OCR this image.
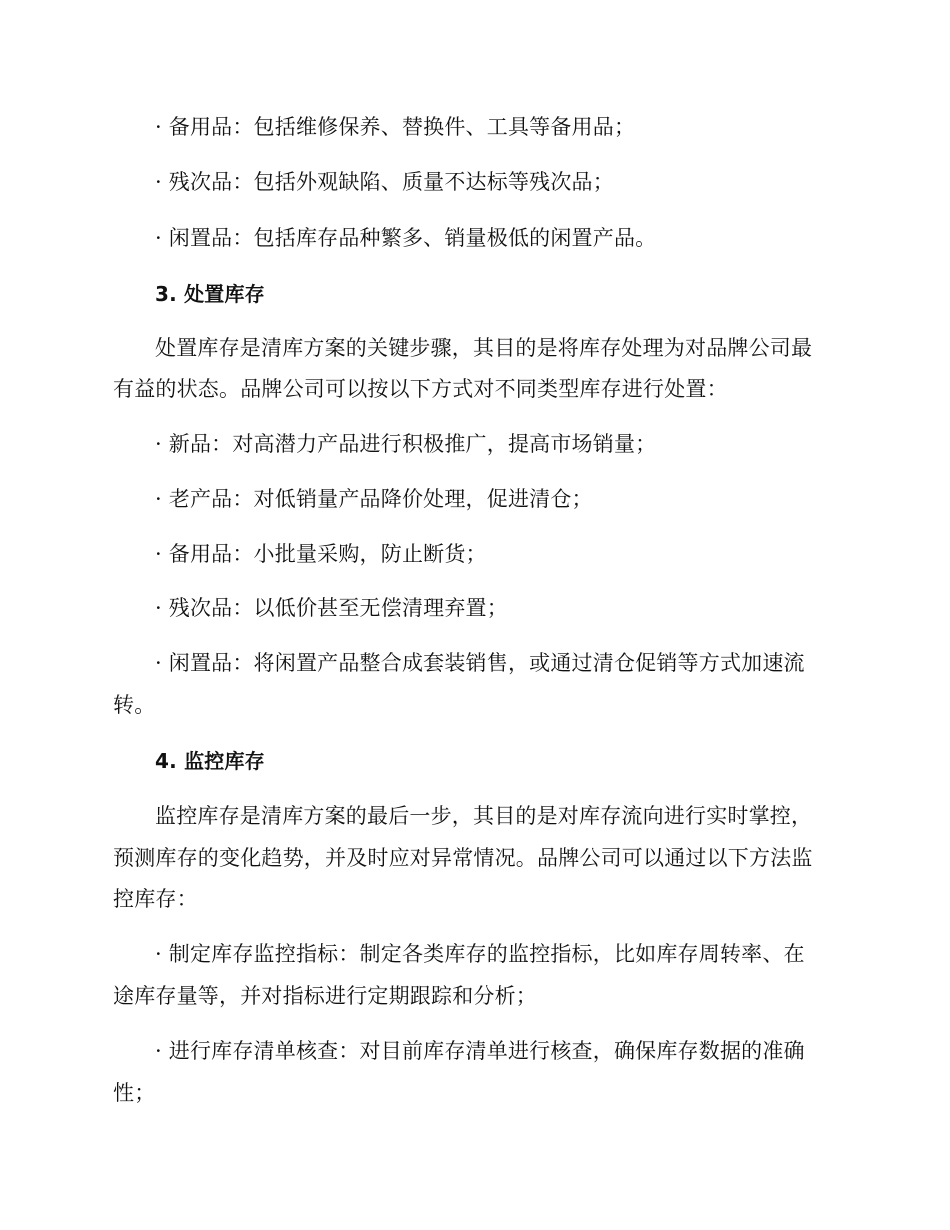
· 备用品：包括维修保养、替换件、工具等备用品；
· 残次品：包括外观缺陷、质量不达标等残次品；
· 闲置品：包括库存品种繁多、销量极低的闲置产品。
3. 处置库存
处置库存是清库方案的关键步骤，其目的是将库存处理为对品牌公司最
有益的状态。品牌公司可以按以下方式对不同类型库存进行处置：
· 新品：对高潜力产品进行积极推广，提高市场销量；
· 老产品：对低销量产品降价处理，促进清仓；
· 备用品：小批量采购，防止断货；
· 残次品：以低价甚至无偿清理弃置；
· 闲置品：将闲置产品整合成套装销售，或通过清仓促销等方式加速流
转。
4. 监控库存
监控库存是清库方案的最后一步，其目的是对库存流向进行实时掌控，
预测库存的变化趋势，并及时应对异常情况。品牌公司可以通过以下方法监
控库存：
· 制定库存监控指标：制定各类库存的监控指标，比如库存周转率、在
途库存量等，并对指标进行定期跟踪和分析；
· 进行库存清单核查：对目前库存清单进行核查，确保库存数据的准确
性；
